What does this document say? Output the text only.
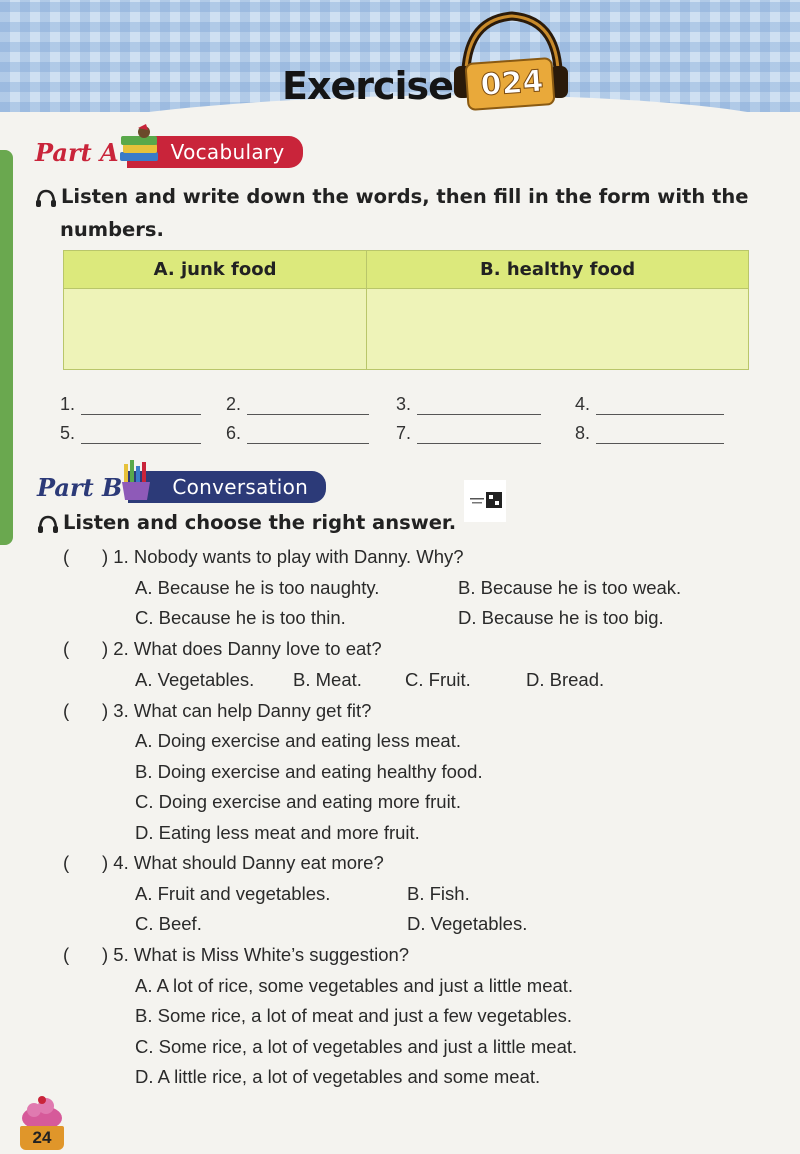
Exercise 024
Part A	Vocabulary
Listen and write down the words, then fill in the form with the
numbers.
A. junk food	B. healthy food

1.	2.	3.	4.
5.	6.	7.	8.
Part B	Conversation
Listen and choose the right answer.
( ) 1. Nobody wants to play with Danny. Why?
A. Because he is too naughty.	B. Because he is too weak.
C. Because he is too thin.	D. Because he is too big.
( ) 2. What does Danny love to eat?
A. Vegetables. B. Meat. C. Fruit.	D. Bread.
( ) 3. What can help Danny get fit?
A. Doing exercise and eating less meat.
B. Doing exercise and eating healthy food.
C. Doing exercise and eating more fruit.
D. Eating less meat and more fruit.
( ) 4. What should Danny eat more?
A. Fruit and vegetables.	B. Fish.
C. Beef.	D. Vegetables.
( ) 5. What is Miss White’s suggestion?
A. A lot of rice, some vegetables and just a little meat.
B. Some rice, a lot of meat and just a few vegetables.
C. Some rice, a lot of vegetables and just a little meat.
D. A little rice, a lot of vegetables and some meat.
24
